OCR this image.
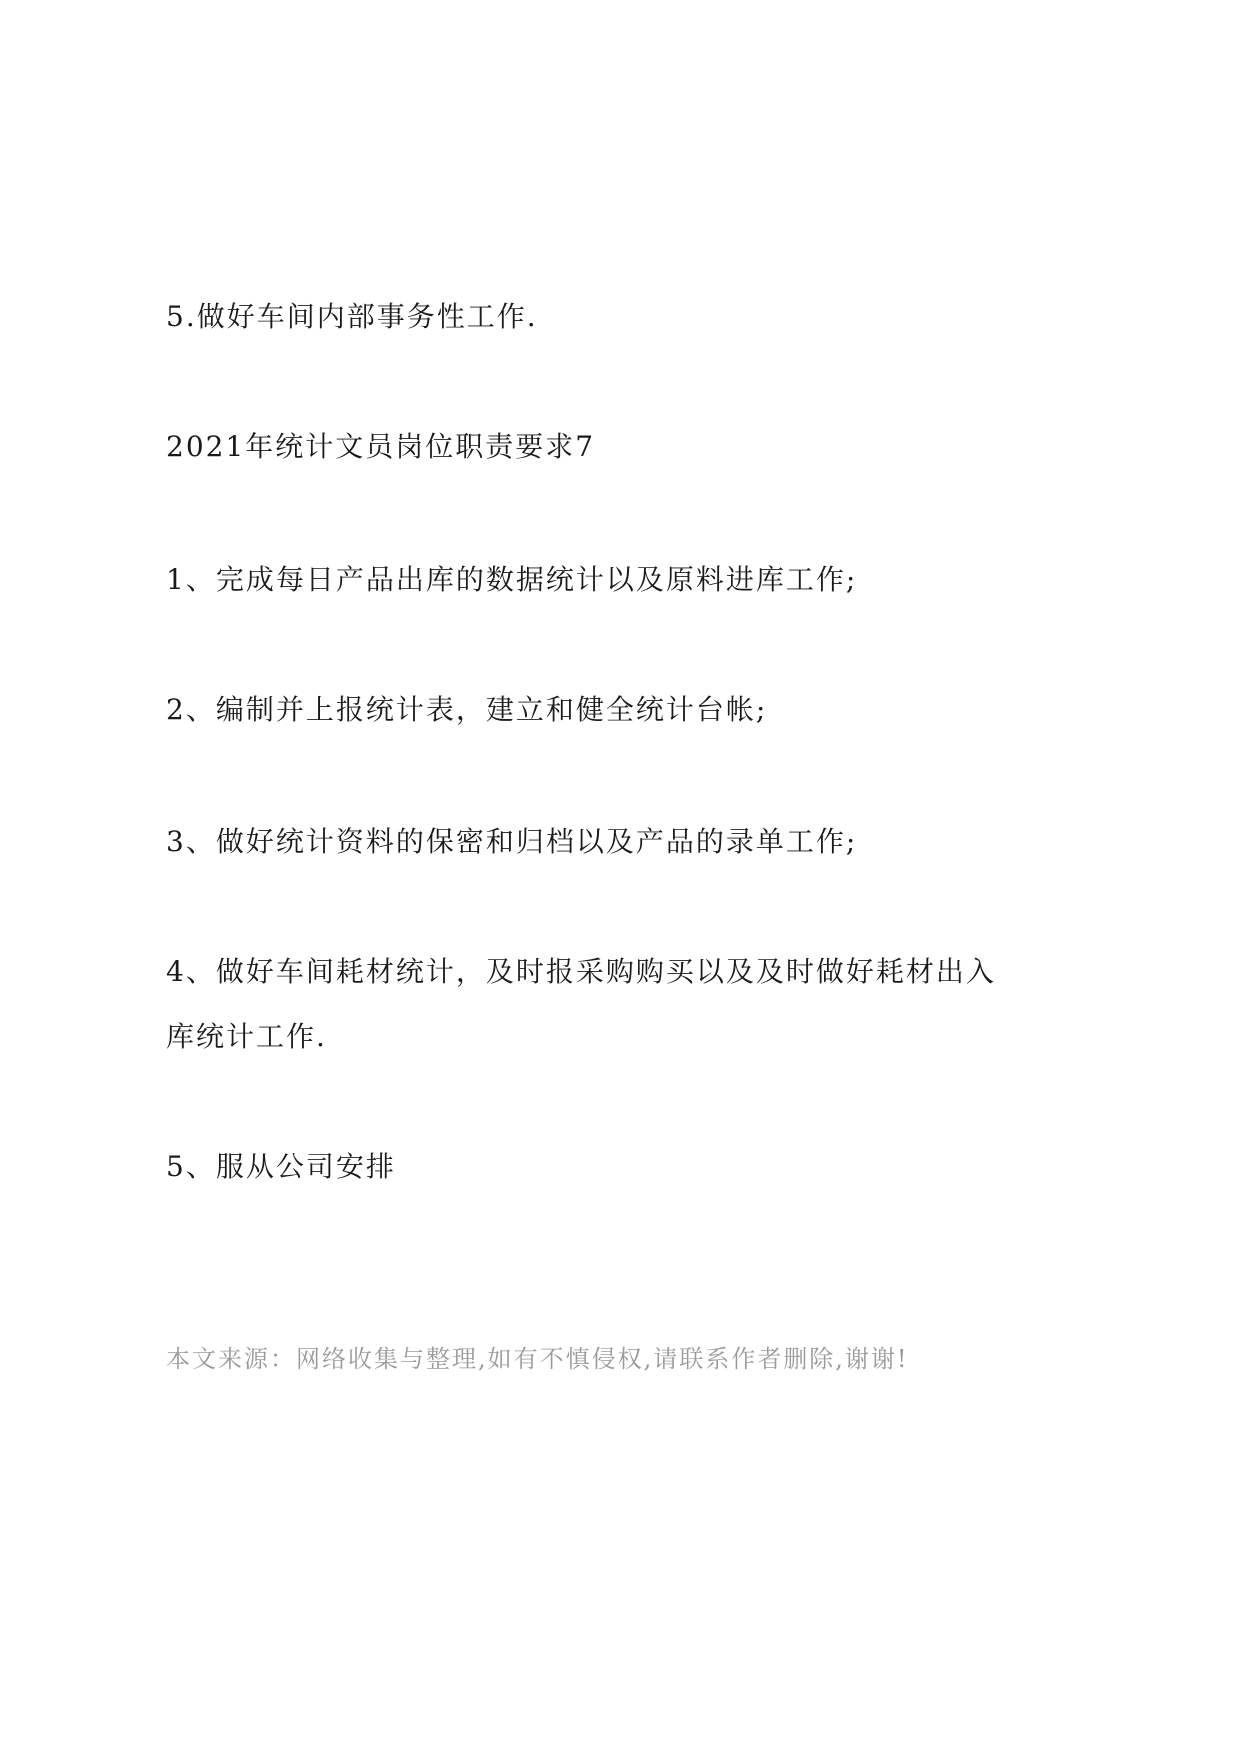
5.做好车间内部事务性工作.
2021年统计文员岗位职责要求7
1、完成每日产品出库的数据统计以及原料进库工作;
2、编制并上报统计表，建立和健全统计台帐;
3、做好统计资料的保密和归档以及产品的录单工作;
4、做好车间耗材统计，及时报采购购买以及及时做好耗材出入
库统计工作.
5、服从公司安排
本文来源：网络收集与整理,如有不慎侵权,请联系作者删除,谢谢!
